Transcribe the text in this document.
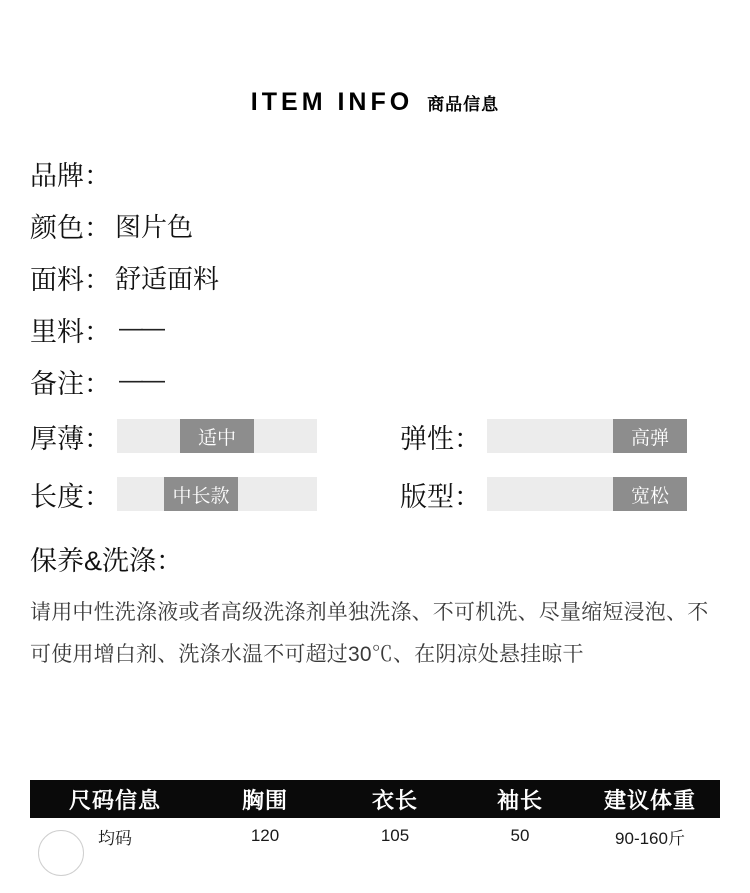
ITEM INFO 商品信息
品牌：
颜色： 图片色
面料： 舒适面料
里料： ——
备注： ——
厚薄：	适中	弹性：	高弹
长度：	中长款	版型：	宽松
保养&洗涤：
请用中性洗涤液或者高级洗涤剂单独洗涤、不可机洗、尽量缩短浸泡、不可使用增白剂、洗涤水温不可超过30℃、在阴凉处悬挂晾干
尺码信息	胸围	衣长	袖长	建议体重
均码	120	105	50	90-160斤
